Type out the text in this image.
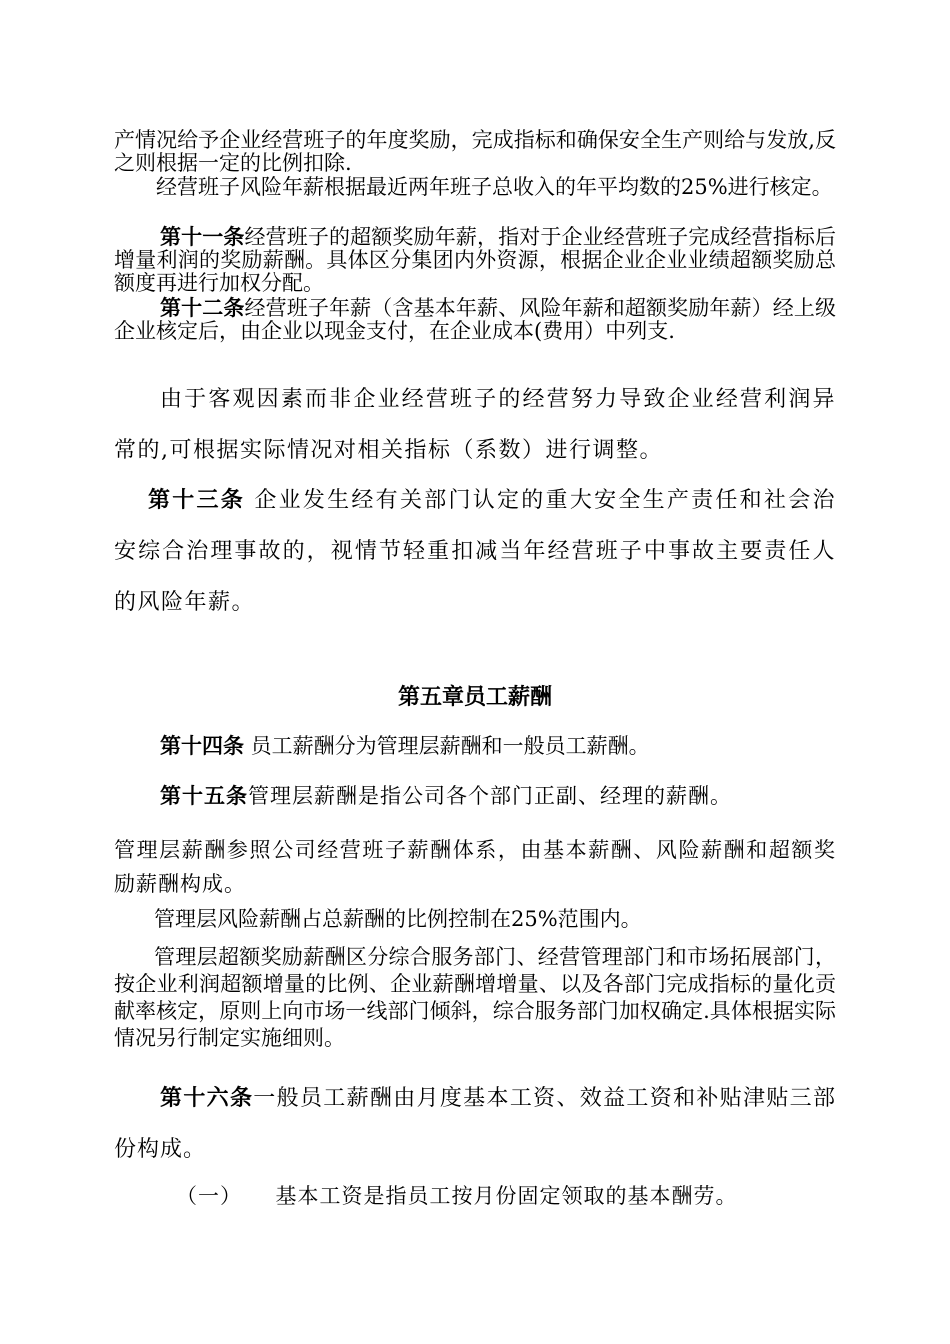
产情况给予企业经营班子的年度奖励，完成指标和确保安全生产则给与发放,反之则根据一定的比例扣除.

经营班子风险年薪根据最近两年班子总收入的年平均数的25%进行核定。

第十一条经营班子的超额奖励年薪，指对于企业经营班子完成经营指标后增量利润的奖励薪酬。具体区分集团内外资源，根据企业企业业绩超额奖励总额度再进行加权分配。

第十二条经营班子年薪（含基本年薪、风险年薪和超额奖励年薪）经上级企业核定后，由企业以现金支付，在企业成本(费用）中列支.

由于客观因素而非企业经营班子的经营努力导致企业经营利润异常的,可根据实际情况对相关指标（系数）进行调整。

第十三条 企业发生经有关部门认定的重大安全生产责任和社会治安综合治理事故的，视情节轻重扣减当年经营班子中事故主要责任人的风险年薪。

第五章员工薪酬

第十四条 员工薪酬分为管理层薪酬和一般员工薪酬。

第十五条管理层薪酬是指公司各个部门正副、经理的薪酬。

管理层薪酬参照公司经营班子薪酬体系，由基本薪酬、风险薪酬和超额奖励薪酬构成。

管理层风险薪酬占总薪酬的比例控制在25%范围内。

管理层超额奖励薪酬区分综合服务部门、经营管理部门和市场拓展部门，按企业利润超额增量的比例、企业薪酬增增量、以及各部门完成指标的量化贡献率核定，原则上向市场一线部门倾斜，综合服务部门加权确定.具体根据实际情况另行制定实施细则。

第十六条一般员工薪酬由月度基本工资、效益工资和补贴津贴三部份构成。

（一）　　基本工资是指员工按月份固定领取的基本酬劳。
